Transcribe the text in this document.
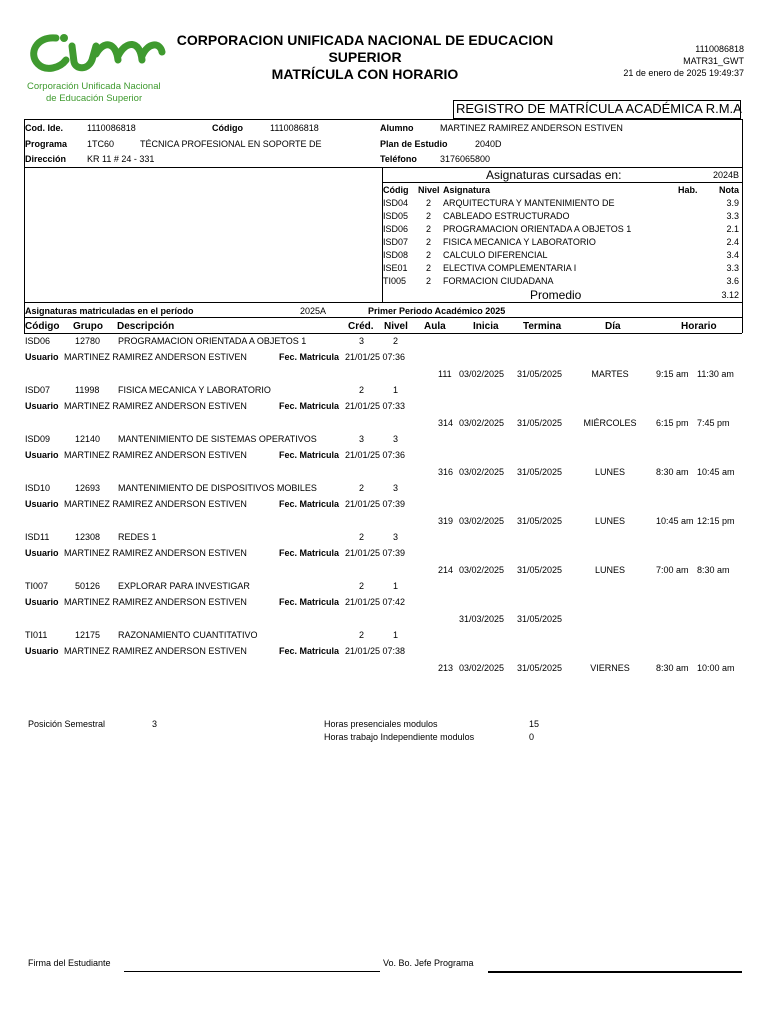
Corporación Unificada Nacional
de Educación Superior
CORPORACION UNIFICADA NACIONAL DE EDUCACION
SUPERIOR
MATRÍCULA CON HORARIO
1110086818
MATR31_GWT
21 de enero de 2025 19:49:37
REGISTRO DE MATRÍCULA ACADÉMICA R.M.A
Cod. Ide.	1110086818	Código	1110086818	Alumno	MARTINEZ RAMIREZ ANDERSON ESTIVEN
Programa 1TC60	TÉCNICA PROFESIONAL EN SOPORTE DE	Plan de Estudio	2040D
Dirección KR 11 # 24 - 331	Teléfono	3176065800
Asignaturas cursadas en:	2024B
Códig Nivel Asignatura	Hab. Nota
ISD04 2 ARQUITECTURA Y MANTENIMIENTO DE	3.9
ISD05 2 CABLEADO ESTRUCTURADO	3.3
ISD06 2 PROGRAMACION ORIENTADA A OBJETOS 1	2.1
ISD07 2 FISICA MECANICA Y LABORATORIO	2.4
ISD08 2 CALCULO DIFERENCIAL	3.4
ISE01 2 ELECTIVA COMPLEMENTARIA I	3.3
TI005 2 FORMACION CIUDADANA	3.6
Promedio	3.12
Asignaturas matriculadas en el período	2025A	Primer Periodo Académico 2025
Código Grupo Descripción	Créd. Nivel Aula	Inicia Termina	Día	Horario
ISD06	12780 PROGRAMACION ORIENTADA A OBJETOS 1	3	2
Usuario MARTINEZ RAMIREZ ANDERSON ESTIVEN	Fec. Matricula 21/01/25 07:36
111 03/02/2025 31/05/2025	MARTES	9:15 am 11:30 am
ISD07	11998 FISICA MECANICA Y LABORATORIO	2	1
Usuario MARTINEZ RAMIREZ ANDERSON ESTIVEN	Fec. Matricula 21/01/25 07:33
314 03/02/2025 31/05/2025	MIÉRCOLES	6:15 pm 7:45 pm
ISD09	12140 MANTENIMIENTO DE SISTEMAS OPERATIVOS	3	3
Usuario MARTINEZ RAMIREZ ANDERSON ESTIVEN	Fec. Matricula 21/01/25 07:36
316 03/02/2025 31/05/2025	LUNES	8:30 am 10:45 am
ISD10	12693 MANTENIMIENTO DE DISPOSITIVOS MOBILES	2	3
Usuario MARTINEZ RAMIREZ ANDERSON ESTIVEN	Fec. Matricula 21/01/25 07:39
319 03/02/2025 31/05/2025	LUNES	10:45 am 12:15 pm
ISD11	12308 REDES 1	2	3
Usuario MARTINEZ RAMIREZ ANDERSON ESTIVEN	Fec. Matricula 21/01/25 07:39
214 03/02/2025 31/05/2025	LUNES	7:00 am 8:30 am
TI007	50126 EXPLORAR PARA INVESTIGAR	2	1
Usuario MARTINEZ RAMIREZ ANDERSON ESTIVEN	Fec. Matricula 21/01/25 07:42
31/03/2025 31/05/2025
TI011	12175 RAZONAMIENTO CUANTITATIVO	2	1
Usuario MARTINEZ RAMIREZ ANDERSON ESTIVEN	Fec. Matricula 21/01/25 07:38
213 03/02/2025 31/05/2025	VIERNES	8:30 am 10:00 am
Posición Semestral	3	Horas presenciales modulos	15
Horas trabajo Independiente modulos	0
Firma del Estudiante	Vo. Bo. Jefe Programa
